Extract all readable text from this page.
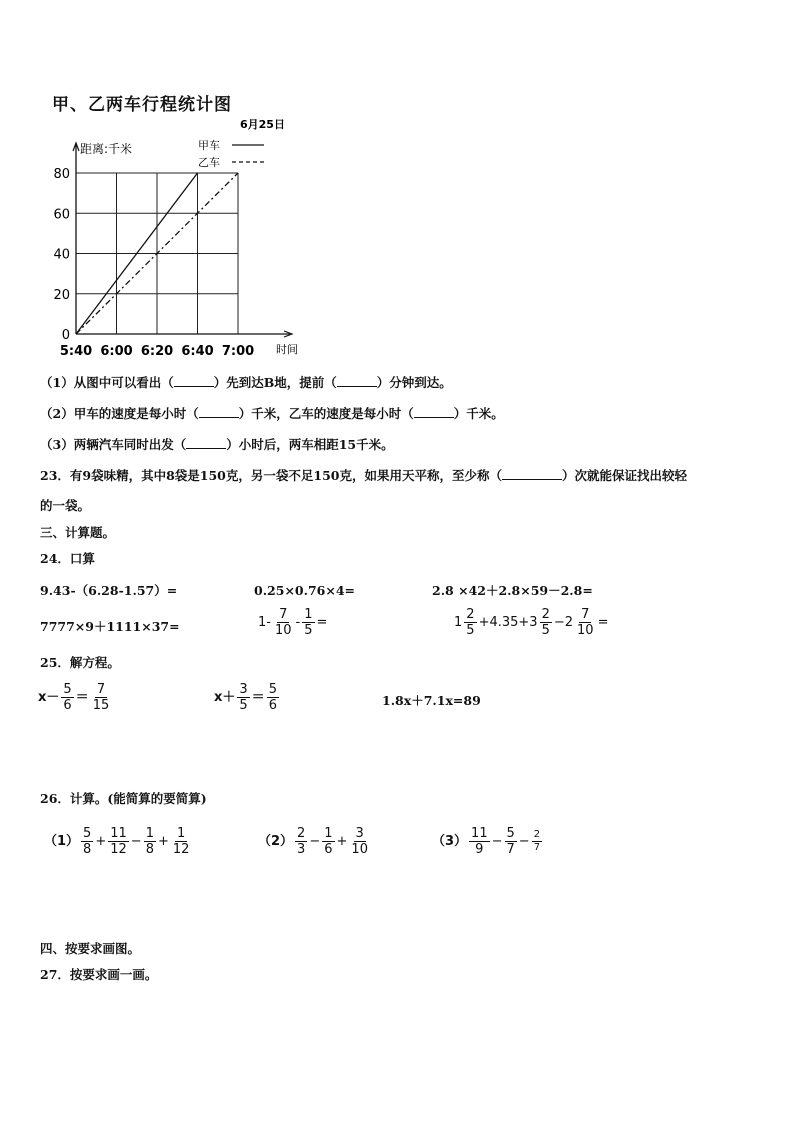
甲、乙两车行程统计图
0
20
40
60
80
5:40 6:00 6:20 6:40 7:00
距离:千米
时间
6月25日
甲车
乙车
（1）从图中可以看出（	）先到达B地，提前（	）分钟到达。
（2）甲车的速度是每小时（	）千米，乙车的速度是每小时（	）千米。
（3）两辆汽车同时出发（	）小时后，两车相距15千米。
23．有9袋味精，其中8袋是150克，另一袋不足150克，如果用天平称，至少称（	）次就能保证找出较轻
的一袋。
三、计算题。
24．口算
9.43-（6.28-1.57）=	0.25×0.76×4=	2.8 ×42＋2.8×59－2.8=
7777×9＋1111×37=	$1- \frac{7}{10} - \frac{1}{5}$ =	$1 \frac{2}{5} +4.35+3 \frac{2}{5} -2 \frac{7}{10}$ =
25．解方程。
$x- \frac{5}{6} = \frac{7}{15}$	$x+ \frac{3}{5} = \frac{5}{6}$	1.8x＋7.1x=89
26．计算。(能简算的要简算)
$(1) \frac{5}{8} + \frac{11}{12} - \frac{1}{8} + \frac{1}{12}$	$(2) \frac{2}{3} - \frac{1}{6} + \frac{3}{10}$	$(3) \frac{11}{9} - \frac{5}{7} - \frac{2}{7}$
四、按要求画图。
27．按要求画一画。
